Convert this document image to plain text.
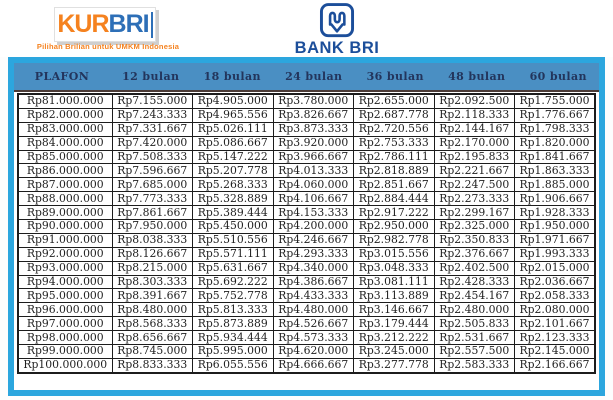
KUR BRI
Pilihan Brilian untuk UMKM Indonesia	BANK BRI
PLAFON	12 bulan	18 bulan	24 bulan	36 bulan	48 bulan	60 bulan
Rp81.000.000	Rp7.155.000	Rp4.905.000	Rp3.780.000	Rp2.655.000	Rp2.092.500	Rp1.755.000
Rp82.000.000	Rp7.243.333	Rp4.965.556	Rp3.826.667	Rp2.687.778	Rp2.118.333	Rp1.776.667
Rp83.000.000	Rp7.331.667	Rp5.026.111	Rp3.873.333	Rp2.720.556	Rp2.144.167	Rp1.798.333
Rp84.000.000	Rp7.420.000	Rp5.086.667	Rp3.920.000	Rp2.753.333	Rp2.170.000	Rp1.820.000
Rp85.000.000	Rp7.508.333	Rp5.147.222	Rp3.966.667	Rp2.786.111	Rp2.195.833	Rp1.841.667
Rp86.000.000	Rp7.596.667	Rp5.207.778	Rp4.013.333	Rp2.818.889	Rp2.221.667	Rp1.863.333
Rp87.000.000	Rp7.685.000	Rp5.268.333	Rp4.060.000	Rp2.851.667	Rp2.247.500	Rp1.885.000
Rp88.000.000	Rp7.773.333	Rp5.328.889	Rp4.106.667	Rp2.884.444	Rp2.273.333	Rp1.906.667
Rp89.000.000	Rp7.861.667	Rp5.389.444	Rp4.153.333	Rp2.917.222	Rp2.299.167	Rp1.928.333
Rp90.000.000	Rp7.950.000	Rp5.450.000	Rp4.200.000	Rp2.950.000	Rp2.325.000	Rp1.950.000
Rp91.000.000	Rp8.038.333	Rp5.510.556	Rp4.246.667	Rp2.982.778	Rp2.350.833	Rp1.971.667
Rp92.000.000	Rp8.126.667	Rp5.571.111	Rp4.293.333	Rp3.015.556	Rp2.376.667	Rp1.993.333
Rp93.000.000	Rp8.215.000	Rp5.631.667	Rp4.340.000	Rp3.048.333	Rp2.402.500	Rp2.015.000
Rp94.000.000	Rp8.303.333	Rp5.692.222	Rp4.386.667	Rp3.081.111	Rp2.428.333	Rp2.036.667
Rp95.000.000	Rp8.391.667	Rp5.752.778	Rp4.433.333	Rp3.113.889	Rp2.454.167	Rp2.058.333
Rp96.000.000	Rp8.480.000	Rp5.813.333	Rp4.480.000	Rp3.146.667	Rp2.480.000	Rp2.080.000
Rp97.000.000	Rp8.568.333	Rp5.873.889	Rp4.526.667	Rp3.179.444	Rp2.505.833	Rp2.101.667
Rp98.000.000	Rp8.656.667	Rp5.934.444	Rp4.573.333	Rp3.212.222	Rp2.531.667	Rp2.123.333
Rp99.000.000	Rp8.745.000	Rp5.995.000	Rp4.620.000	Rp3.245.000	Rp2.557.500	Rp2.145.000
Rp100.000.000	Rp8.833.333	Rp6.055.556	Rp4.666.667	Rp3.277.778	Rp2.583.333	Rp2.166.667
